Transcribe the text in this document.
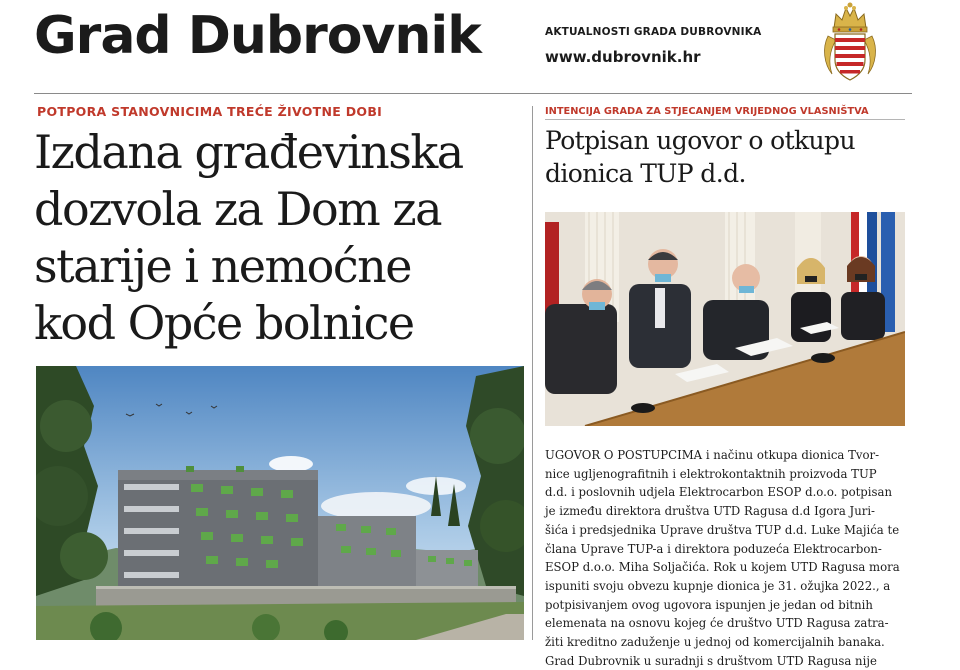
Grad Dubrovnik	AKTUALNOSTI GRADA DUBROVNIKA
www.dubrovnik.hr
POTPORA STANOVNICIMA TREĆE ŽIVOTNE DOBI
Izdana građevinska
dozvola za Dom za
starije i nemoćne
kod Opće bolnice
INTENCIJA GRADA ZA STJECANJEM VRIJEDNOG VLASNIŠTVA
Potpisan ugovor o otkupu
dionica TUP d.d.
UGOVOR O POSTUPCIMA i načinu otkupa dionica Tvor-
nice ugljenografitnih i elektrokontaktnih proizvoda TUP
d.d. i poslovnih udjela Elektrocarbon ESOP d.o.o. potpisan
je između direktora društva UTD Ragusa d.d Igora Juri-
šića i predsjednika Uprave društva TUP d.d. Luke Majića te
člana Uprave TUP-a i direktora poduzeća Elektrocarbon-
ESOP d.o.o. Miha Soljačića. Rok u kojem UTD Ragusa mora
ispuniti svoju obvezu kupnje dionica je 31. ožujka 2022., a
potpisivanjem ovog ugovora ispunjen je jedan od bitnih
elemenata na osnovu kojeg će društvo UTD Ragusa zatra-
žiti kreditno zaduženje u jednoj od komercijalnih banaka.
Grad Dubrovnik u suradnji s društvom UTD Ragusa nije
